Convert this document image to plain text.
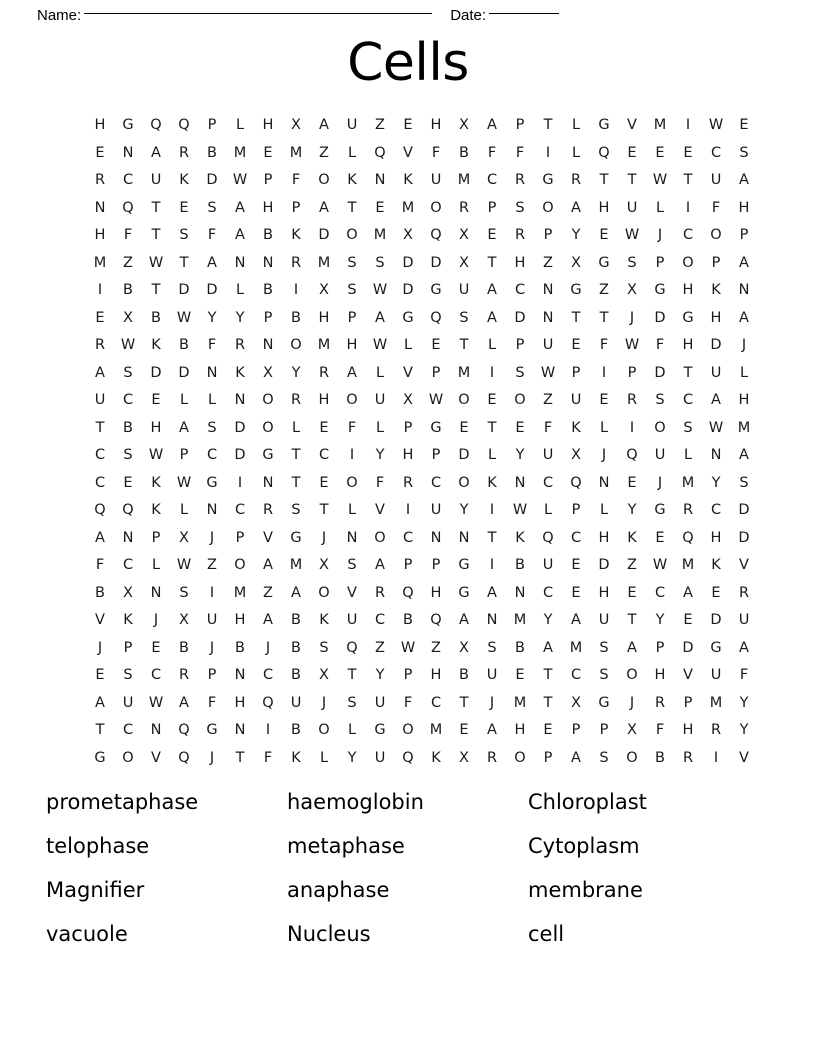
Name:	Date:
Cells
H	G	Q	Q	P	L	H	X	A	U	Z	E	H	X	A	P	T	L	G	V	M	I	W	E
E	N	A	R	B	M	E	M	Z	L	Q	V	F	B	F	F	I	L	Q	E	E	E	C	S
R	C	U	K	D	W	P	F	O	K	N	K	U	M	C	R	G	R	T	T	W	T	U	A
N	Q	T	E	S	A	H	P	A	T	E	M	O	R	P	S	O	A	H	U	L	I	F	H
H	F	T	S	F	A	B	K	D	O	M	X	Q	X	E	R	P	Y	E	W	J	C	O	P
M	Z	W	T	A	N	N	R	M	S	S	D	D	X	T	H	Z	X	G	S	P	O	P	A
I	B	T	D	D	L	B	I	X	S	W	D	G	U	A	C	N	G	Z	X	G	H	K	N
E	X	B	W	Y	Y	P	B	H	P	A	G	Q	S	A	D	N	T	T	J	D	G	H	A
R	W	K	B	F	R	N	O	M	H	W	L	E	T	L	P	U	E	F	W	F	H	D	J
A	S	D	D	N	K	X	Y	R	A	L	V	P	M	I	S	W	P	I	P	D	T	U	L
U	C	E	L	L	N	O	R	H	O	U	X	W	O	E	O	Z	U	E	R	S	C	A	H
T	B	H	A	S	D	O	L	E	F	L	P	G	E	T	E	F	K	L	I	O	S	W	M
C	S	W	P	C	D	G	T	C	I	Y	H	P	D	L	Y	U	X	J	Q	U	L	N	A
C	E	K	W	G	I	N	T	E	O	F	R	C	O	K	N	C	Q	N	E	J	M	Y	S
Q	Q	K	L	N	C	R	S	T	L	V	I	U	Y	I	W	L	P	L	Y	G	R	C	D
A	N	P	X	J	P	V	G	J	N	O	C	N	N	T	K	Q	C	H	K	E	Q	H	D
F	C	L	W	Z	O	A	M	X	S	A	P	P	G	I	B	U	E	D	Z	W	M	K	V
B	X	N	S	I	M	Z	A	O	V	R	Q	H	G	A	N	C	E	H	E	C	A	E	R
V	K	J	X	U	H	A	B	K	U	C	B	Q	A	N	M	Y	A	U	T	Y	E	D	U
J	P	E	B	J	B	J	B	S	Q	Z	W	Z	X	S	B	A	M	S	A	P	D	G	A
E	S	C	R	P	N	C	B	X	T	Y	P	H	B	U	E	T	C	S	O	H	V	U	F
A	U	W	A	F	H	Q	U	J	S	U	F	C	T	J	M	T	X	G	J	R	P	M	Y
T	C	N	Q	G	N	I	B	O	L	G	O	M	E	A	H	E	P	P	X	F	H	R	Y
G	O	V	Q	J	T	F	K	L	Y	U	Q	K	X	R	O	P	A	S	O	B	R	I	V
prometaphase	haemoglobin	Chloroplast
telophase	metaphase	Cytoplasm
Magnifier	anaphase	membrane
vacuole	Nucleus	cell
